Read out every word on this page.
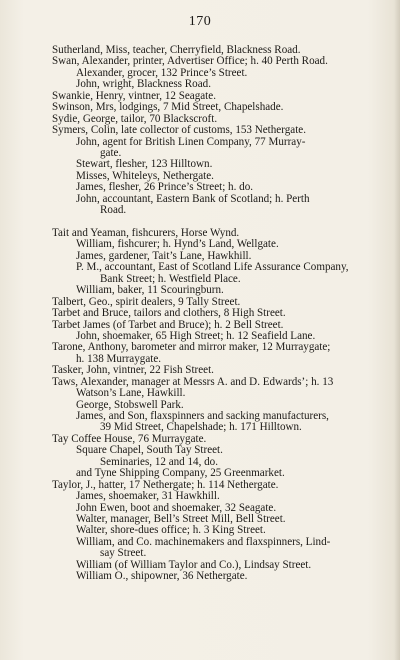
170
Sutherland, Miss, teacher, Cherryfield, Blackness Road.
Swan, Alexander, printer, Advertiser Office; h. 40 Perth Road.
Alexander, grocer, 132 Prince’s Street.
John, wright, Blackness Road.
Swankie, Henry, vintner, 12 Seagate.
Swinson, Mrs, lodgings, 7 Mid Street, Chapelshade.
Sydie, George, tailor, 70 Blackscroft.
Symers, Colin, late collector of customs, 153 Nethergate.
John, agent for British Linen Company, 77 Murray-
gate.
Stewart, flesher, 123 Hilltown.
Misses, Whiteleys, Nethergate.
James, flesher, 26 Prince’s Street; h. do.
John, accountant, Eastern Bank of Scotland; h. Perth
Road.
Tait and Yeaman, fishcurers, Horse Wynd.
William, fishcurer; h. Hynd’s Land, Wellgate.
James, gardener, Tait’s Lane, Hawkhill.
P. M., accountant, East of Scotland Life Assurance Company,
Bank Street; h. Westfield Place.
William, baker, 11 Scouringburn.
Talbert, Geo., spirit dealers, 9 Tally Street.
Tarbet and Bruce, tailors and clothers, 8 High Street.
Tarbet James (of Tarbet and Bruce); h. 2 Bell Street.
John, shoemaker, 65 High Street; h. 12 Seafield Lane.
Tarone, Anthony, barometer and mirror maker, 12 Murraygate;
h. 138 Murraygate.
Tasker, John, vintner, 22 Fish Street.
Taws, Alexander, manager at Messrs A. and D. Edwards’; h. 13
Watson’s Lane, Hawkill.
George, Stobswell Park.
James, and Son, flaxspinners and sacking manufacturers,
39 Mid Street, Chapelshade; h. 171 Hilltown.
Tay Coffee House, 76 Murraygate.
Square Chapel, South Tay Street.
Seminaries, 12 and 14, do.
and Tyne Shipping Company, 25 Greenmarket.
Taylor, J., hatter, 17 Nethergate; h. 114 Nethergate.
James, shoemaker, 31 Hawkhill.
John Ewen, boot and shoemaker, 32 Seagate.
Walter, manager, Bell’s Street Mill, Bell Street.
Walter, shore-dues office; h. 3 King Street.
William, and Co. machinemakers and flaxspinners, Lind-
say Street.
William (of William Taylor and Co.), Lindsay Street.
William O., shipowner, 36 Nethergate.
